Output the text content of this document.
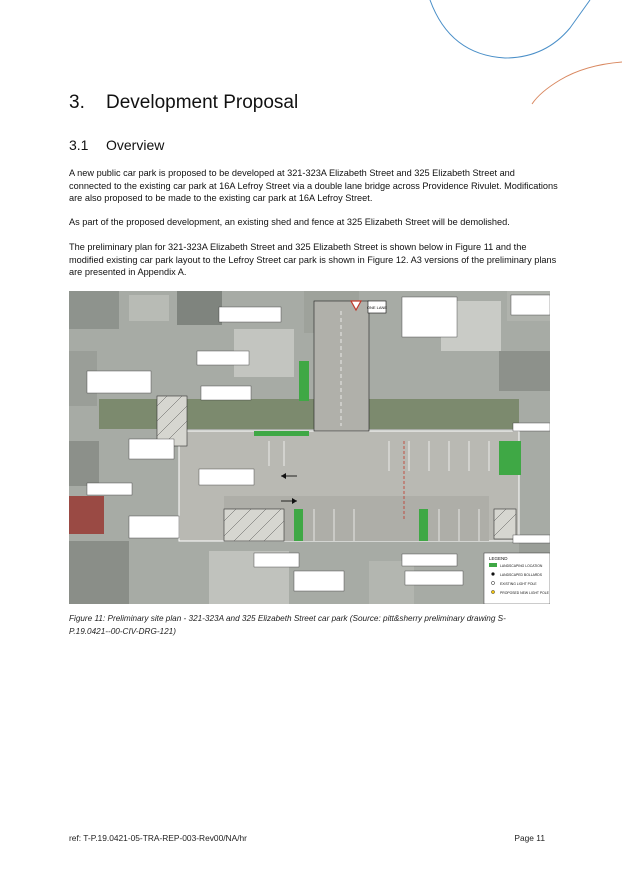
3. Development Proposal
3.1 Overview

A new public car park is proposed to be developed at 321-323A Elizabeth Street and 325 Elizabeth Street and connected to the existing car park at 16A Lefroy Street via a double lane bridge across Providence Rivulet. Modifications are also proposed to be made to the existing car park at 16A Lefroy Street.

As part of the proposed development, an existing shed and fence at 325 Elizabeth Street will be demolished.

The preliminary plan for 321-323A Elizabeth Street and 325 Elizabeth Street is shown below in Figure 11 and the modified existing car park layout to the Lefroy Street car park is shown in Figure 12. A3 versions of the preliminary plans are presented in Appendix A.

ONE LANE
LEGEND
LANDSCAPING LOCATION
LANDSCAPED BOLLARDS
EXISTING LIGHT POLE
PROPOSED NEW LIGHT POLE

Figure 11: Preliminary site plan - 321-323A and 325 Elizabeth Street car park (Source: pitt&sherry preliminary drawing S-P.19.0421--00-CIV-DRG-121)

ref: T-P.19.0421-05-TRA-REP-003-Rev00/NA/hr	Page 11
